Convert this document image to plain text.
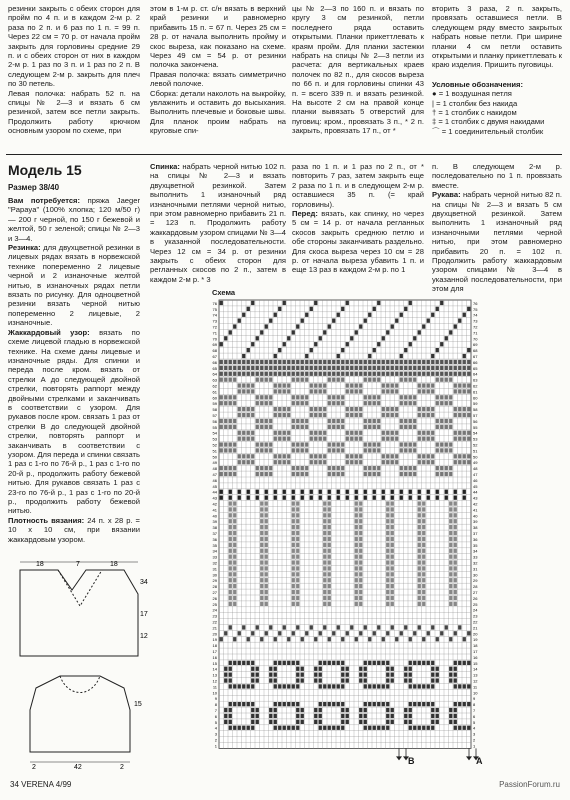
резинки закрыть с обеих сторон для пройм по 4 п. и в каждом 2-м р. 2 раза по 2 п. и 6 раз по 1 п. = 99 п. Через 22 см = 70 р. от начала пройм закрыть для горловины средние 29 п. и с обеих сторон от них в каждом 2-м р. 1 раз по 3 п. и 1 раз по 2 п. В следующем 2-м р. закрыть для плеч по 30 петель.

Левая полочка: набрать 52 п. на спицы № 2—3 и вязать 6 см резинкой, затем все петли закрыть. Продолжить работу крючком основным узором по схеме, при

этом в 1-м р. ст. с/н вязать в верхний край резинки и равномерно прибавить 15 п. = 67 п. Через 25 см = 28 р. от начала выполнить пройму и скос выреза, как показано на схеме. Через 49 см = 54 р. от резинки полочка закончена.

Правая полочка: вязать симметрично левой полочке.

Сборка: детали наколоть на выкройку, увлажнить и оставить до высыхания. Выполнить плечевые и боковые швы. Для планок проим набрать на круговые спи-

цы № 2—3 по 160 п. и вязать по кругу 3 см резинкой, петли последнего ряда оставить открытыми. Планки прикеттлевать к краям пройм. Для планки застежки набрать на спицы № 2—3 петли из расчета: для вертикальных краев полочек по 82 п., для скосов выреза по 66 п. и для горловины спинки 43 п. = всего 339 п. и вязать резинкой. На высоте 2 см на правой конце планки вывязать 5 отверстий для пуговиц: кром., провязать 3 п., * 2 п. закрыть, провязать 17 п., от *

вторить 3 раза, 2 п. закрыть, провязать оставшиеся петли. В следующем ряду вместо закрытых набрать новые петли. При ширине планки 4 см петли оставить открытыми и планку прикеттлевать к краю изделия. Пришить пуговицы.

Условные обозначения:

● = 1 воздушная петля

| = 1 столбик без накида

† = 1 столбик с накидом

‡ = 1 столбик с двумя накидами

⌒ = 1 соединительный столбик

Модель 15
Размер 38/40

Вам потребуется: пряжа Jaeger "Papaya" (100% хлопка; 120 м/50 г) — 200 г черной, по 150 г бежевой и желтой, 50 г зеленой; спицы № 2—3 и 3—4.

Резинка: для двухцветной резинки в лицевых рядах вязать в норвежской технике попеременно 2 лицевые черной и 2 изнаночные желтой нитью, в изнаночных рядах петли вязать по рисунку. Для одноцветной резинки вязать черной нитью попеременно 2 лицевые, 2 изнаночные.

Жаккардовый узор: вязать по схеме лицевой гладью в норвежской технике. На схеме даны лицевые и изнаночные ряды. Для спинки и переда после кром. вязать от стрелки А до следующей двойной стрелки, повторять раппорт между двойными стрелками и заканчивать в соответствии с узором. Для рукавов после кром. связать 1 раз от стрелки В до следующей двойной стрелки, повторять раппорт и заканчивать в соответствии с узором. Для переда и спинки связать 1 раз с 1-го по 76-й р., 1 раз с 1-го по 20-й р., продолжить работу бежевой нитью. Для рукавов связать 1 раз с 23-го по 76-й р., 1 раз с 1-го по 20-й р., продолжить работу бежевой нитью.

Плотность вязания: 24 п. x 28 р. = 10 x 10 см, при вязании жаккардовым узором.

Спинка: набрать черной нитью 102 п. на спицы № 2—3 и вязать двухцветной резинкой. Затем выполнить 1 изнаночный ряд изнаночными петлями черной нитью, при этом равномерно прибавить 21 п. = 123 п. Продолжить работу жаккардовым узором спицами № 3—4 в указанной последовательности. Через 12 см = 34 р. от резинки закрыть с обеих сторон для регланных скосов по 2 п., затем в каждом 2-м р. * 3

раза по 1 п. и 1 раз по 2 п., от * повторить 7 раз, затем закрыть еще 2 раза по 1 п. и в следующем 2-м р. оставшиеся 35 п. (= край горловины).

Перед: вязать, как спинку, но через 5 см = 14 р. от начала регланных скосов закрыть среднюю петлю и обе стороны заканчивать раздельно. Для скоса выреза через 10 см = 28 р. от начала выреза убавить 1 п. и еще 13 раз в каждом 2-м р. по 1

п. В следующем 2-м р. последовательно по 1 п. провязать вместе.

Рукава: набрать черной нитью 82 п. на спицы № 2—3 и вязать 5 см двухцветной резинкой. Затем выполнить 1 изнаночный ряд изнаночными петлями черной нитью, при этом равномерно прибавить 20 п. = 102 п. Продолжить работу жаккардовым узором спицами № 3—4 в указанной последовательности, при этом для

Схема
76	76
75	75
74	74
73	73
72	72
71	71
70	70
69	69
68	68
67	67
66	66
65	65
64	64
63	63
62	62
61	61
60	60
59	59
58	58
57	57
56	56
55	55
54	54
53	53
52	52
51	51
50	50
49	49
48	48
47	47
46	46
45	45
44	44
43	43
42	42
41	41
40	40
39	39
38	38
37	37
36	36
35	35
34	34
33	33
32	32
31	31
30	30
29	29
28	28
27	27
26	26
25	25
24	24
23	23
22	22
21	21
20	20
19	19
18	18
17	17
16	16
15	15
14	14
13	13
12	12
11	11
10	10
9	9
8	8
7	7
6	6
5	5
4	4
3	3
2	2
1	1
B	A
18	7	18
34
17
12
15
2	42	2
34 VERENA 4/99	PassionForum.ru
